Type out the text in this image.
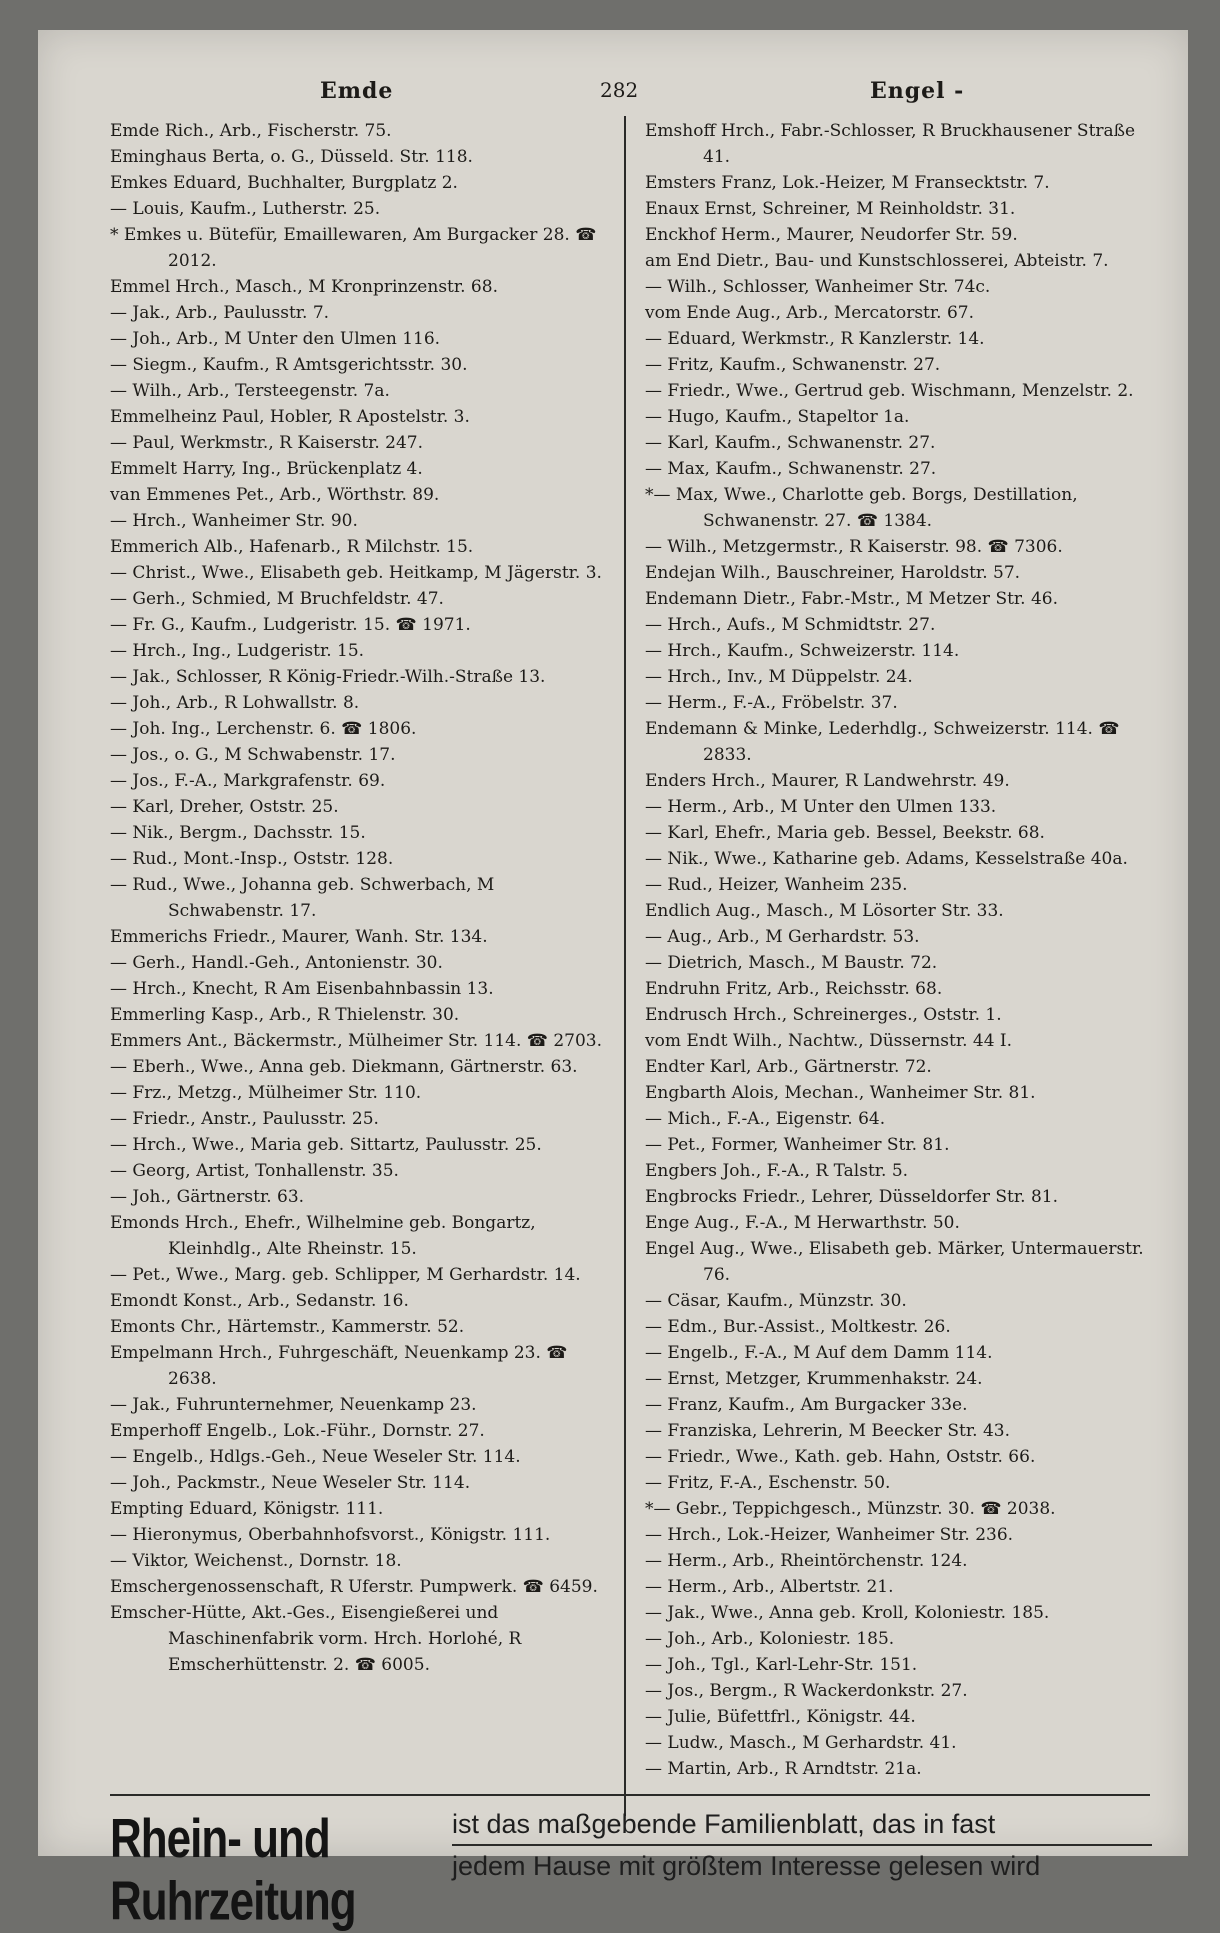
Emde	282	Engel -
Emde Rich., Arb., Fischerstr. 75.
Eminghaus Berta, o. G., Düsseld. Str. 118.
Emkes Eduard, Buchhalter, Burgplatz 2.
— Louis, Kaufm., Lutherstr. 25.
* Emkes u. Bütefür, Emaillewaren, Am Burgacker 28. ☎ 2012.
Emmel Hrch., Masch., M Kronprinzenstr. 68.
— Jak., Arb., Paulusstr. 7.
— Joh., Arb., M Unter den Ulmen 116.
— Siegm., Kaufm., R Amtsgerichtsstr. 30.
— Wilh., Arb., Tersteegenstr. 7a.
Emmelheinz Paul, Hobler, R Apostelstr. 3.
— Paul, Werkmstr., R Kaiserstr. 247.
Emmelt Harry, Ing., Brückenplatz 4.
van Emmenes Pet., Arb., Wörthstr. 89.
— Hrch., Wanheimer Str. 90.
Emmerich Alb., Hafenarb., R Milchstr. 15.
— Christ., Wwe., Elisabeth geb. Heitkamp, M Jägerstr. 3.
— Gerh., Schmied, M Bruchfeldstr. 47.
— Fr. G., Kaufm., Ludgeristr. 15. ☎ 1971.
— Hrch., Ing., Ludgeristr. 15.
— Jak., Schlosser, R König-Friedr.-Wilh.-Straße 13.
— Joh., Arb., R Lohwallstr. 8.
— Joh. Ing., Lerchenstr. 6. ☎ 1806.
— Jos., o. G., M Schwabenstr. 17.
— Jos., F.-A., Markgrafenstr. 69.
— Karl, Dreher, Oststr. 25.
— Nik., Bergm., Dachsstr. 15.
— Rud., Mont.-Insp., Oststr. 128.
— Rud., Wwe., Johanna geb. Schwerbach, M Schwabenstr. 17.
Emmerichs Friedr., Maurer, Wanh. Str. 134.
— Gerh., Handl.-Geh., Antonienstr. 30.
— Hrch., Knecht, R Am Eisenbahnbassin 13.
Emmerling Kasp., Arb., R Thielenstr. 30.
Emmers Ant., Bäckermstr., Mülheimer Str. 114. ☎ 2703.
— Eberh., Wwe., Anna geb. Diekmann, Gärtnerstr. 63.
— Frz., Metzg., Mülheimer Str. 110.
— Friedr., Anstr., Paulusstr. 25.
— Hrch., Wwe., Maria geb. Sittartz, Paulusstr. 25.
— Georg, Artist, Tonhallenstr. 35.
— Joh., Gärtnerstr. 63.
Emonds Hrch., Ehefr., Wilhelmine geb. Bongartz, Kleinhdlg., Alte Rheinstr. 15.
— Pet., Wwe., Marg. geb. Schlipper, M Gerhardstr. 14.
Emondt Konst., Arb., Sedanstr. 16.
Emonts Chr., Härtemstr., Kammerstr. 52.
Empelmann Hrch., Fuhrgeschäft, Neuenkamp 23. ☎ 2638.
— Jak., Fuhrunternehmer, Neuenkamp 23.
Emperhoff Engelb., Lok.-Führ., Dornstr. 27.
— Engelb., Hdlgs.-Geh., Neue Weseler Str. 114.
— Joh., Packmstr., Neue Weseler Str. 114.
Empting Eduard, Königstr. 111.
— Hieronymus, Oberbahnhofsvorst., Königstr. 111.
— Viktor, Weichenst., Dornstr. 18.
Emschergenossenschaft, R Uferstr. Pumpwerk. ☎ 6459.
Emscher-Hütte, Akt.-Ges., Eisengießerei und Maschinenfabrik vorm. Hrch. Horlohé, R Emscherhüttenstr. 2. ☎ 6005.
Emshoff Hrch., Fabr.-Schlosser, R Bruckhausener Straße 41.
Emsters Franz, Lok.-Heizer, M Fransecktstr. 7.
Enaux Ernst, Schreiner, M Reinholdstr. 31.
Enckhof Herm., Maurer, Neudorfer Str. 59.
am End Dietr., Bau- und Kunstschlosserei, Abteistr. 7.
— Wilh., Schlosser, Wanheimer Str. 74c.
vom Ende Aug., Arb., Mercatorstr. 67.
— Eduard, Werkmstr., R Kanzlerstr. 14.
— Fritz, Kaufm., Schwanenstr. 27.
— Friedr., Wwe., Gertrud geb. Wischmann, Menzelstr. 2.
— Hugo, Kaufm., Stapeltor 1a.
— Karl, Kaufm., Schwanenstr. 27.
— Max, Kaufm., Schwanenstr. 27.
*— Max, Wwe., Charlotte geb. Borgs, Destillation, Schwanenstr. 27. ☎ 1384.
— Wilh., Metzgermstr., R Kaiserstr. 98. ☎ 7306.
Endejan Wilh., Bauschreiner, Haroldstr. 57.
Endemann Dietr., Fabr.-Mstr., M Metzer Str. 46.
— Hrch., Aufs., M Schmidtstr. 27.
— Hrch., Kaufm., Schweizerstr. 114.
— Hrch., Inv., M Düppelstr. 24.
— Herm., F.-A., Fröbelstr. 37.
Endemann & Minke, Lederhdlg., Schweizerstr. 114. ☎ 2833.
Enders Hrch., Maurer, R Landwehrstr. 49.
— Herm., Arb., M Unter den Ulmen 133.
— Karl, Ehefr., Maria geb. Bessel, Beekstr. 68.
— Nik., Wwe., Katharine geb. Adams, Kesselstraße 40a.
— Rud., Heizer, Wanheim 235.
Endlich Aug., Masch., M Lösorter Str. 33.
— Aug., Arb., M Gerhardstr. 53.
— Dietrich, Masch., M Baustr. 72.
Endruhn Fritz, Arb., Reichsstr. 68.
Endrusch Hrch., Schreinerges., Oststr. 1.
vom Endt Wilh., Nachtw., Düssernstr. 44 I.
Endter Karl, Arb., Gärtnerstr. 72.
Engbarth Alois, Mechan., Wanheimer Str. 81.
— Mich., F.-A., Eigenstr. 64.
— Pet., Former, Wanheimer Str. 81.
Engbers Joh., F.-A., R Talstr. 5.
Engbrocks Friedr., Lehrer, Düsseldorfer Str. 81.
Enge Aug., F.-A., M Herwarthstr. 50.
Engel Aug., Wwe., Elisabeth geb. Märker, Untermauerstr. 76.
— Cäsar, Kaufm., Münzstr. 30.
— Edm., Bur.-Assist., Moltkestr. 26.
— Engelb., F.-A., M Auf dem Damm 114.
— Ernst, Metzger, Krummenhakstr. 24.
— Franz, Kaufm., Am Burgacker 33e.
— Franziska, Lehrerin, M Beecker Str. 43.
— Friedr., Wwe., Kath. geb. Hahn, Oststr. 66.
— Fritz, F.-A., Eschenstr. 50.
*— Gebr., Teppichgesch., Münzstr. 30. ☎ 2038.
— Hrch., Lok.-Heizer, Wanheimer Str. 236.
— Herm., Arb., Rheintörchenstr. 124.
— Herm., Arb., Albertstr. 21.
— Jak., Wwe., Anna geb. Kroll, Koloniestr. 185.
— Joh., Arb., Koloniestr. 185.
— Joh., Tgl., Karl-Lehr-Str. 151.
— Jos., Bergm., R Wackerdonkstr. 27.
— Julie, Büfettfrl., Königstr. 44.
— Ludw., Masch., M Gerhardstr. 41.
— Martin, Arb., R Arndtstr. 21a.
Rhein- und Ruhrzeitung
ist das maßgebende Familienblatt, das in fast
jedem Hause mit größtem Interesse gelesen wird
